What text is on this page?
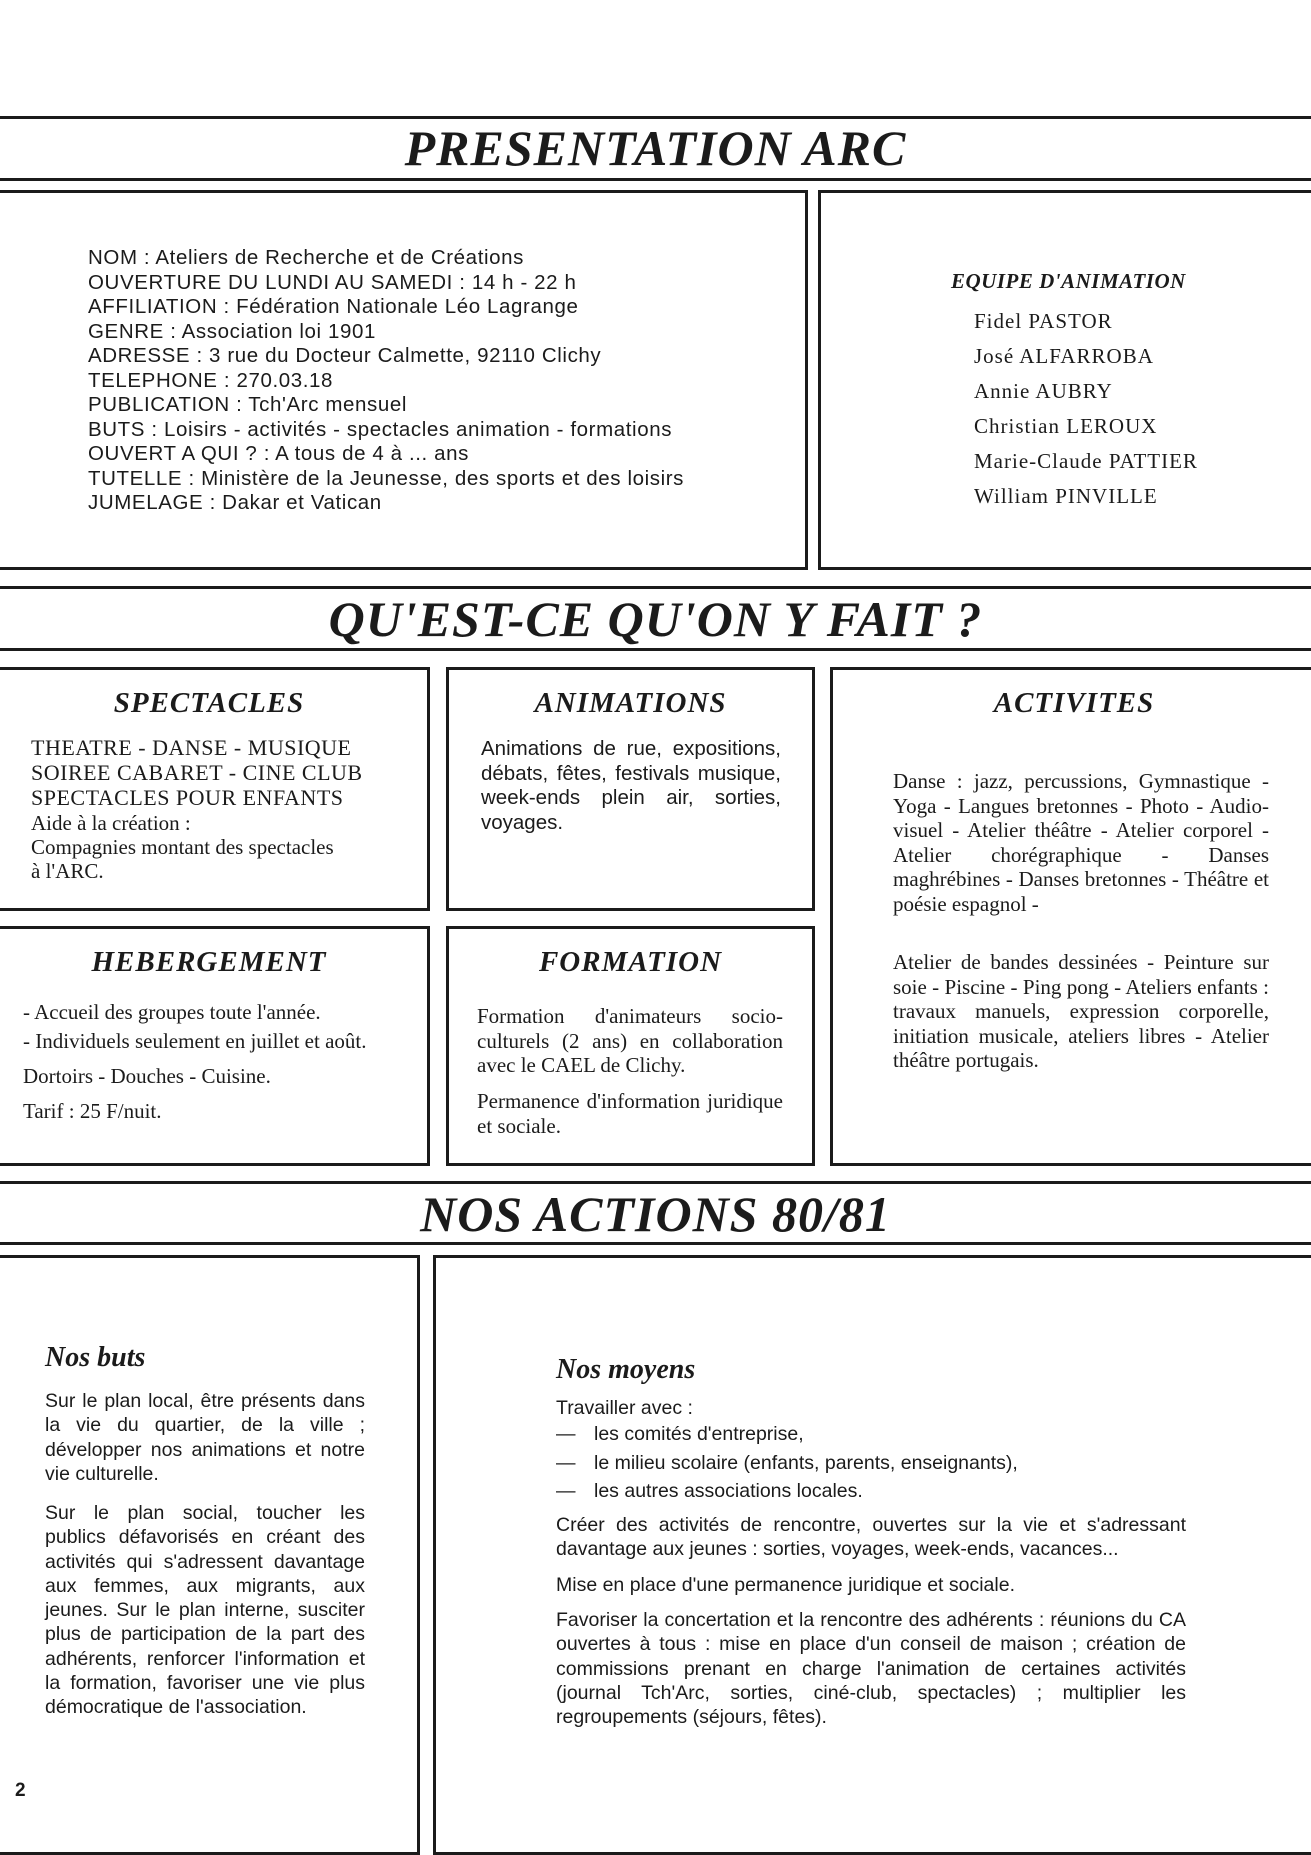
PRESENTATION ARC
NOM : Ateliers de Recherche et de Créations
OUVERTURE DU LUNDI AU SAMEDI : 14 h - 22 h
AFFILIATION : Fédération Nationale Léo Lagrange
GENRE : Association loi 1901
ADRESSE : 3 rue du Docteur Calmette, 92110 Clichy
TELEPHONE : 270.03.18
PUBLICATION : Tch'Arc mensuel
BUTS : Loisirs - activités - spectacles animation - formations
OUVERT A QUI ? : A tous de 4 à ... ans
TUTELLE : Ministère de la Jeunesse, des sports et des loisirs
JUMELAGE : Dakar et Vatican
EQUIPE D'ANIMATION
Fidel PASTOR
José ALFARROBA
Annie AUBRY
Christian LEROUX
Marie-Claude PATTIER
William PINVILLE
QU'EST-CE QU'ON Y FAIT ?
SPECTACLES
THEATRE - DANSE - MUSIQUE
SOIREE CABARET - CINE CLUB
SPECTACLES POUR ENFANTS
Aide à la création :
Compagnies montant des spectacles
à l'ARC.
ANIMATIONS
Animations de rue, expositions, débats, fêtes, festivals musique, week-ends plein air, sorties, voyages.
ACTIVITES
Danse : jazz, percussions, Gymnastique - Yoga - Langues bretonnes - Photo - Audio-visuel - Atelier théâtre - Atelier corporel - Atelier chorégraphique - Danses maghrébines - Danses bretonnes - Théâtre et poésie espagnol -
Atelier de bandes dessinées - Peinture sur soie - Piscine - Ping pong - Ateliers enfants : travaux manuels, expression corporelle, initiation musicale, ateliers libres - Atelier théâtre portugais.
HEBERGEMENT
- Accueil des groupes toute l'année.
- Individuels seulement en juillet et août.
Dortoirs - Douches - Cuisine.
Tarif : 25 F/nuit.
FORMATION
Formation d'animateurs socio-culturels (2 ans) en collaboration avec le CAEL de Clichy.
Permanence d'information juridique et sociale.
NOS ACTIONS 80/81
Nos buts
Sur le plan local, être présents dans la vie du quartier, de la ville ; développer nos animations et notre vie culturelle.
Sur le plan social, toucher les publics défavorisés en créant des activités qui s'adressent davantage aux femmes, aux migrants, aux jeunes. Sur le plan interne, susciter plus de participation de la part des adhérents, renforcer l'information et la formation, favoriser une vie plus démocratique de l'association.
Nos moyens
Travailler avec :
— les comités d'entreprise,
— le milieu scolaire (enfants, parents, enseignants),
— les autres associations locales.
Créer des activités de rencontre, ouvertes sur la vie et s'adressant davantage aux jeunes : sorties, voyages, week-ends, vacances...
Mise en place d'une permanence juridique et sociale.
Favoriser la concertation et la rencontre des adhérents : réunions du CA ouvertes à tous : mise en place d'un conseil de maison ; création de commissions prenant en charge l'animation de certaines activités (journal Tch'Arc, sorties, ciné-club, spectacles) ; multiplier les regroupements (séjours, fêtes).
2
